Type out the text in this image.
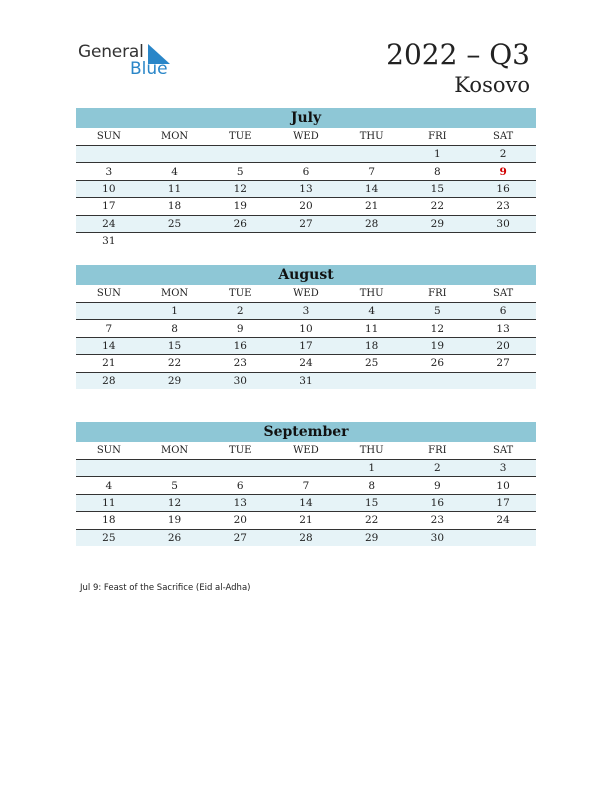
General
Blue	2022 – Q3
Kosovo
July
SUN	MON	TUE	WED	THU	FRI	SAT
					1	2
3	4	5	6	7	8	9
10	11	12	13	14	15	16
17	18	19	20	21	22	23
24	25	26	27	28	29	30
31						
August
SUN	MON	TUE	WED	THU	FRI	SAT
	1	2	3	4	5	6
7	8	9	10	11	12	13
14	15	16	17	18	19	20
21	22	23	24	25	26	27
28	29	30	31			
September
SUN	MON	TUE	WED	THU	FRI	SAT
				1	2	3
4	5	6	7	8	9	10
11	12	13	14	15	16	17
18	19	20	21	22	23	24
25	26	27	28	29	30	
Jul 9: Feast of the Sacrifice (Eid al-Adha)
